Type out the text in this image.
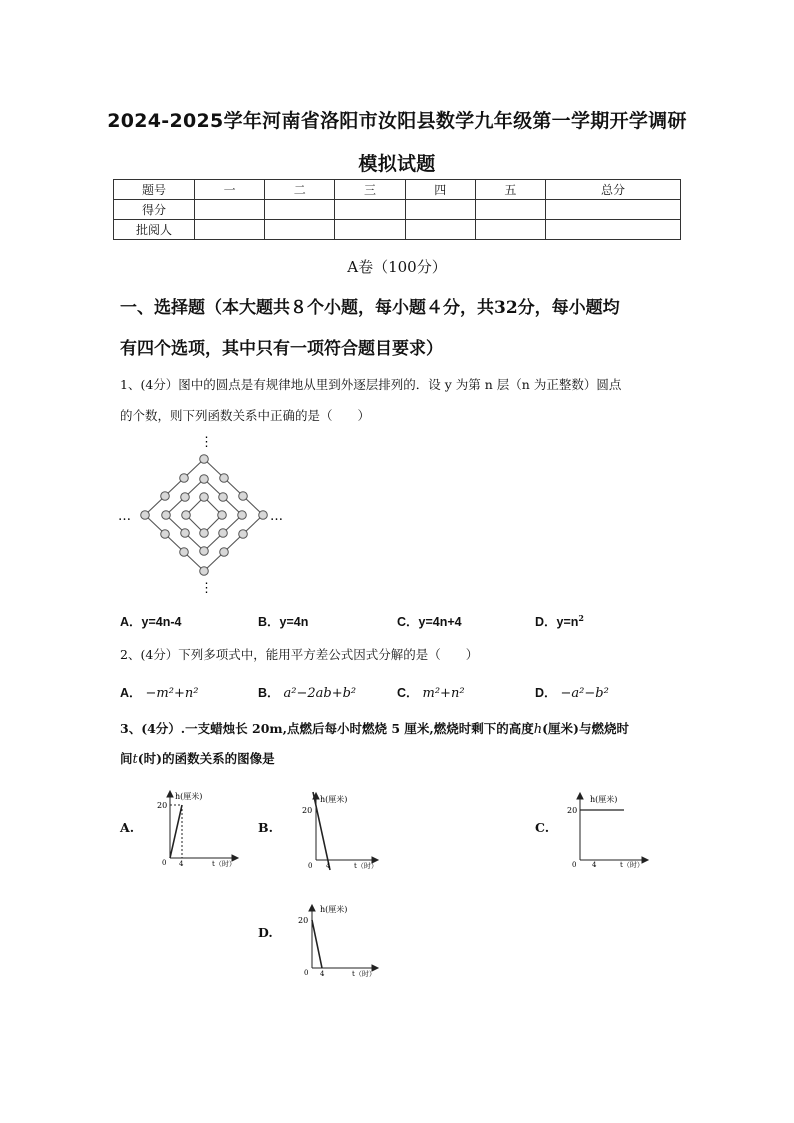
2024-2025学年河南省洛阳市汝阳县数学九年级第一学期开学调研
模拟试题
题号	一	二	三	四	五	总分
得分						
批阅人						
A卷（100分）
一、选择题（本大题共８个小题，每小题４分，共32分，每小题均
有四个选项，其中只有一项符合题目要求）
1、(4分）图中的圆点是有规律地从里到外逐层排列的．设 y 为第 n 层（n 为正整数）圆点
的个数，则下列函数关系中正确的是（　　）
…	…
⋮
⋮
A．y=4n-4	B．y=4n	C．y=4n+4	D．$y=n^2$
2、(4分）下列多项式中，能用平方差公式因式分解的是（　　）
A． −m²+n²	B． a²−2ab+b²	C． m²+n²	D． −a²−b²
3、(4分）.一支蜡烛长 20m,点燃后每小时燃烧 5 厘米,燃烧时剩下的高度h(厘米)与燃烧时
间t(时)的函数关系的图像是
A.
h(厘米)
20
0 4	t（时）
B.
h(厘米)
20
0 4	t（时）
C.
h(厘米)
20
0 4	t（时）
D.
h(厘米)
20
0 4	t（时）
